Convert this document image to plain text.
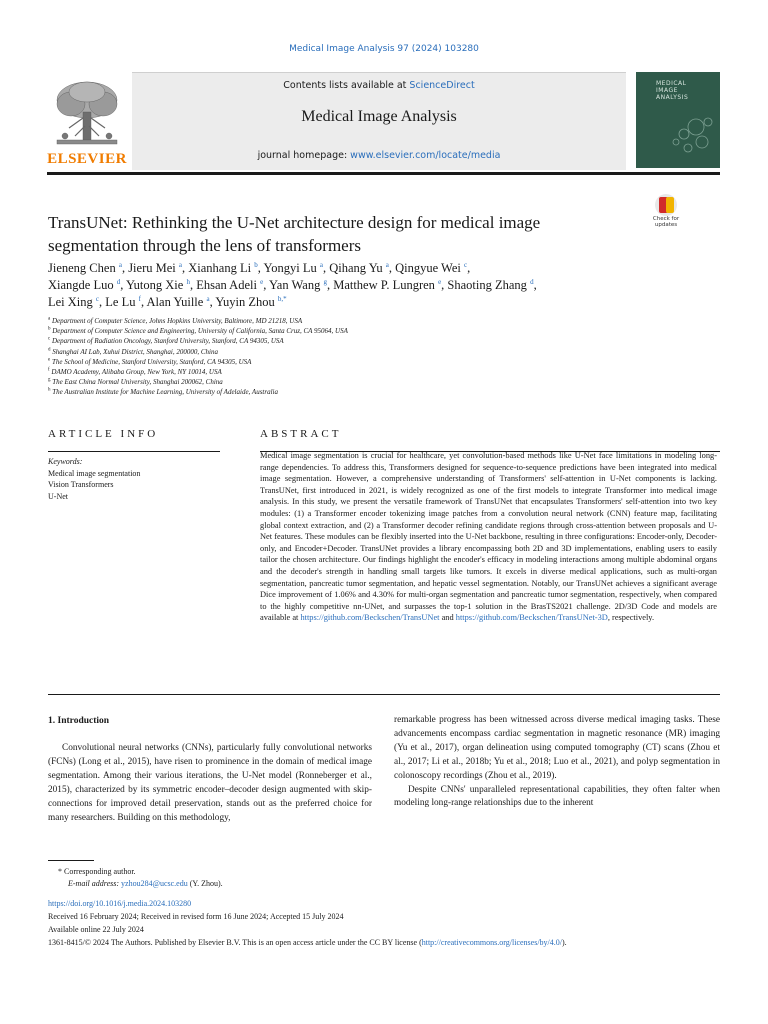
Medical Image Analysis 97 (2024) 103280
ELSEVIER
Contents lists available at ScienceDirect
Medical Image Analysis
journal homepage: www.elsevier.com/locate/media
MEDICAL
IMAGE
ANALYSIS
TransUNet: Rethinking the U-Net architecture design for medical image segmentation through the lens of transformers
Check for updates
Jieneng Chen $^a$, Jieru Mei $^a$, Xianhang Li $^b$, Yongyi Lu $^a$, Qihang Yu $^a$, Qingyue Wei $^c$,
Xiangde Luo $^d$, Yutong Xie $^h$, Ehsan Adeli $^e$, Yan Wang $^g$, Matthew P. Lungren $^e$, Shaoting Zhang $^d$,
Lei Xing $^c$, Le Lu $^f$, Alan Yuille $^a$, Yuyin Zhou $^{b,*}$
$^a$ Department of Computer Science, Johns Hopkins University, Baltimore, MD 21218, USA
$^b$ Department of Computer Science and Engineering, University of California, Santa Cruz, CA 95064, USA
$^c$ Department of Radiation Oncology, Stanford University, Stanford, CA 94305, USA
$^d$ Shanghai AI Lab, Xuhui District, Shanghai, 200000, China
$^e$ The School of Medicine, Stanford University, Stanford, CA 94305, USA
$^f$ DAMO Academy, Alibaba Group, New York, NY 10014, USA
$^g$ The East China Normal University, Shanghai 200062, China
$^h$ The Australian Institute for Machine Learning, University of Adelaide, Australia
ARTICLE INFO
Keywords:
Medical image segmentation
Vision Transformers
U-Net
ABSTRACT
Medical image segmentation is crucial for healthcare, yet convolution-based methods like U-Net face limitations in modeling long-range dependencies. To address this, Transformers designed for sequence-to-sequence predictions have been integrated into medical image segmentation. However, a comprehensive understanding of Transformers' self-attention in U-Net components is lacking. TransUNet, first introduced in 2021, is widely recognized as one of the first models to integrate Transformer into medical image analysis. In this study, we present the versatile framework of TransUNet that encapsulates Transformers' self-attention into two key modules: (1) a Transformer encoder tokenizing image patches from a convolution neural network (CNN) feature map, facilitating global context extraction, and (2) a Transformer decoder refining candidate regions through cross-attention between proposals and U-Net features. These modules can be flexibly inserted into the U-Net backbone, resulting in three configurations: Encoder-only, Decoder-only, and Encoder+Decoder. TransUNet provides a library encompassing both 2D and 3D implementations, enabling users to easily tailor the chosen architecture. Our findings highlight the encoder's efficacy in modeling interactions among multiple abdominal organs and the decoder's strength in handling small targets like tumors. It excels in diverse medical applications, such as multi-organ segmentation, pancreatic tumor segmentation, and hepatic vessel segmentation. Notably, our TransUNet achieves a significant average Dice improvement of 1.06% and 4.30% for multi-organ segmentation and pancreatic tumor segmentation, respectively, when compared to the highly competitive nn-UNet, and surpasses the top-1 solution in the BrasTS2021 challenge. 2D/3D Code and models are available at https://github.com/Beckschen/TransUNet and https://github.com/Beckschen/TransUNet-3D, respectively.
1. Introduction
Convolutional neural networks (CNNs), particularly fully convolutional networks (FCNs) (Long et al., 2015), have risen to prominence in the domain of medical image segmentation. Among their various iterations, the U-Net model (Ronneberger et al., 2015), characterized by its symmetric encoder–decoder design augmented with skip-connections for improved detail preservation, stands out as the preferred choice for many researchers. Building on this methodology,

remarkable progress has been witnessed across diverse medical imaging tasks. These advancements encompass cardiac segmentation in magnetic resonance (MR) imaging (Yu et al., 2017), organ delineation using computed tomography (CT) scans (Zhou et al., 2017; Li et al., 2018b; Yu et al., 2018; Luo et al., 2021), and polyp segmentation in colonoscopy recordings (Zhou et al., 2019).

Despite CNNs' unparalleled representational capabilities, they often falter when modeling long-range relationships due to the inherent

* Corresponding author.
E-mail address: yzhou284@ucsc.edu (Y. Zhou).
https://doi.org/10.1016/j.media.2024.103280
Received 16 February 2024; Received in revised form 16 June 2024; Accepted 15 July 2024
Available online 22 July 2024
1361-8415/© 2024 The Authors. Published by Elsevier B.V. This is an open access article under the CC BY license (http://creativecommons.org/licenses/by/4.0/).
